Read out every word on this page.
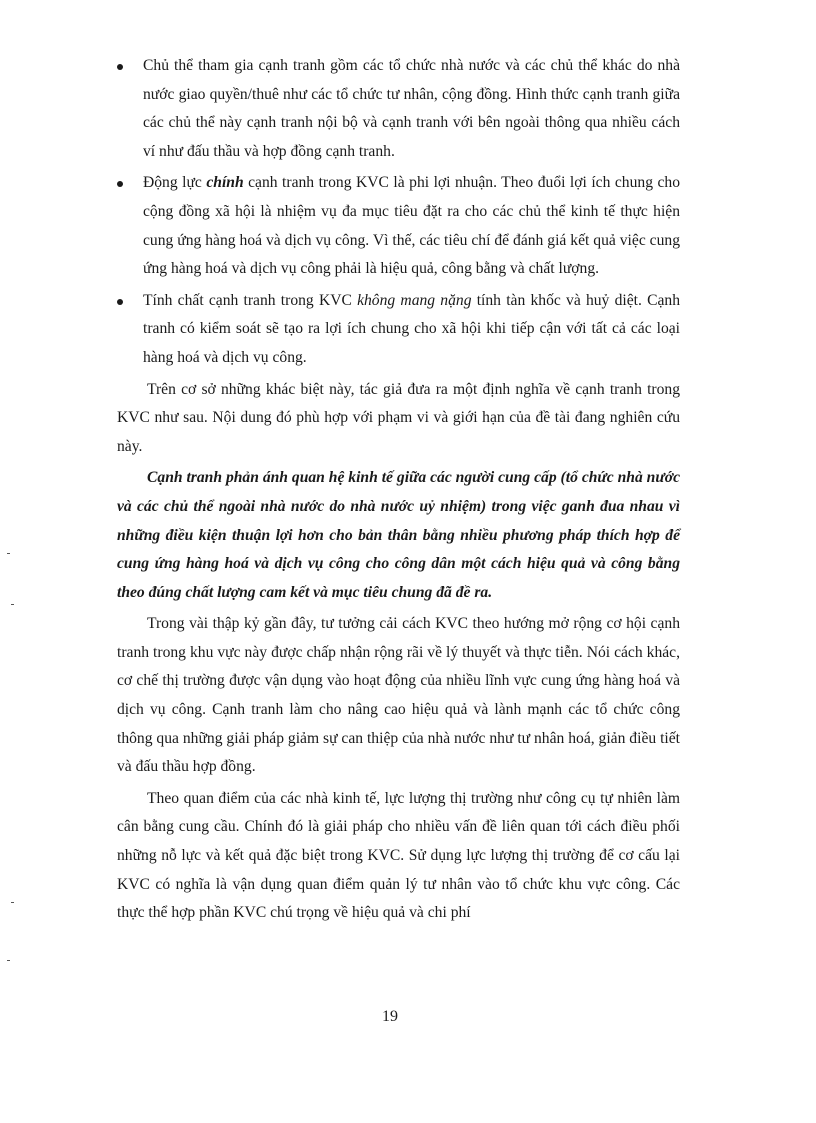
Chủ thể tham gia cạnh tranh gồm các tổ chức nhà nước và các chủ thể khác do nhà nước giao quyền/thuê như các tổ chức tư nhân, cộng đồng. Hình thức cạnh tranh giữa các chủ thể này cạnh tranh nội bộ và cạnh tranh với bên ngoài thông qua nhiều cách ví như đấu thầu và hợp đồng cạnh tranh.
Động lực chính cạnh tranh trong KVC là phi lợi nhuận. Theo đuổi lợi ích chung cho cộng đồng xã hội là nhiệm vụ đa mục tiêu đặt ra cho các chủ thể kinh tế thực hiện cung ứng hàng hoá và dịch vụ công. Vì thế, các tiêu chí để đánh giá kết quả việc cung ứng hàng hoá và dịch vụ công phải là hiệu quả, công bằng và chất lượng.
Tính chất cạnh tranh trong KVC không mang nặng tính tàn khốc và huỷ diệt. Cạnh tranh có kiểm soát sẽ tạo ra lợi ích chung cho xã hội khi tiếp cận với tất cả các loại hàng hoá và dịch vụ công.

Trên cơ sở những khác biệt này, tác giả đưa ra một định nghĩa về cạnh tranh trong KVC như sau. Nội dung đó phù hợp với phạm vi và giới hạn của đề tài đang nghiên cứu này.

Cạnh tranh phản ánh quan hệ kinh tế giữa các người cung cấp (tổ chức nhà nước và các chủ thể ngoài nhà nước do nhà nước uỷ nhiệm) trong việc ganh đua nhau vì những điều kiện thuận lợi hơn cho bản thân bằng nhiều phương pháp thích hợp để cung ứng hàng hoá và dịch vụ công cho công dân một cách hiệu quả và công bằng theo đúng chất lượng cam kết và mục tiêu chung đã đề ra.

Trong vài thập kỷ gần đây, tư tưởng cải cách KVC theo hướng mở rộng cơ hội cạnh tranh trong khu vực này được chấp nhận rộng rãi về lý thuyết và thực tiễn. Nói cách khác, cơ chế thị trường được vận dụng vào hoạt động của nhiều lĩnh vực cung ứng hàng hoá và dịch vụ công. Cạnh tranh làm cho nâng cao hiệu quả và lành mạnh các tổ chức công thông qua những giải pháp giảm sự can thiệp của nhà nước như tư nhân hoá, giản điều tiết và đấu thầu hợp đồng.

Theo quan điểm của các nhà kinh tế, lực lượng thị trường như công cụ tự nhiên làm cân bằng cung cầu. Chính đó là giải pháp cho nhiều vấn đề liên quan tới cách điều phối những nỗ lực và kết quả đặc biệt trong KVC. Sử dụng lực lượng thị trường để cơ cấu lại KVC có nghĩa là vận dụng quan điểm quản lý tư nhân vào tổ chức khu vực công. Các thực thể hợp phần KVC chú trọng về hiệu quả và chi phí

19
